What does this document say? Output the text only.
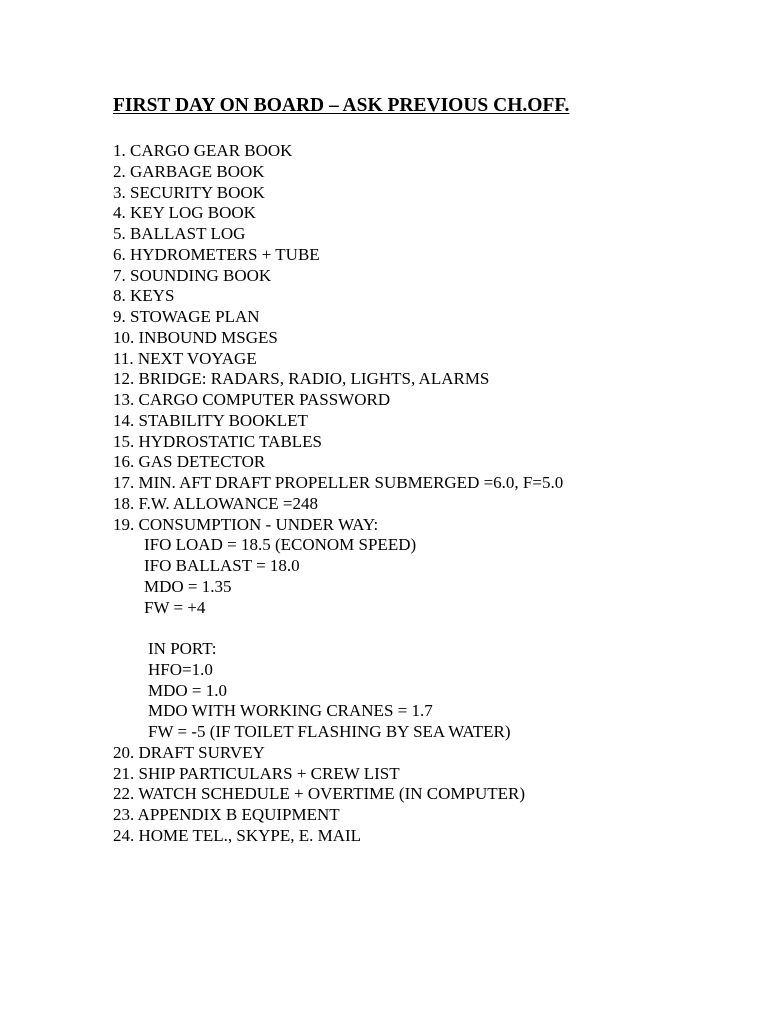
FIRST DAY ON BOARD – ASK PREVIOUS CH.OFF.
1. CARGO GEAR BOOK
2. GARBAGE BOOK
3. SECURITY BOOK
4. KEY LOG BOOK
5. BALLAST LOG
6. HYDROMETERS + TUBE
7. SOUNDING BOOK
8. KEYS
9. STOWAGE PLAN
10. INBOUND MSGES
11. NEXT VOYAGE
12. BRIDGE: RADARS, RADIO, LIGHTS, ALARMS
13. CARGO COMPUTER PASSWORD
14. STABILITY BOOKLET
15. HYDROSTATIC TABLES
16. GAS DETECTOR
17. MIN. AFT DRAFT PROPELLER SUBMERGED =6.0, F=5.0
18. F.W. ALLOWANCE =248
19. CONSUMPTION - UNDER WAY:
IFO LOAD = 18.5 (ECONOM SPEED)
IFO BALLAST = 18.0
MDO = 1.35
FW = +4
IN PORT:
HFO=1.0
MDO = 1.0
MDO WITH WORKING CRANES = 1.7
FW = -5 (IF TOILET FLASHING BY SEA WATER)
20. DRAFT SURVEY
21. SHIP PARTICULARS + CREW LIST
22. WATCH SCHEDULE + OVERTIME (IN COMPUTER)
23. APPENDIX B EQUIPMENT
24. HOME TEL., SKYPE, E. MAIL
